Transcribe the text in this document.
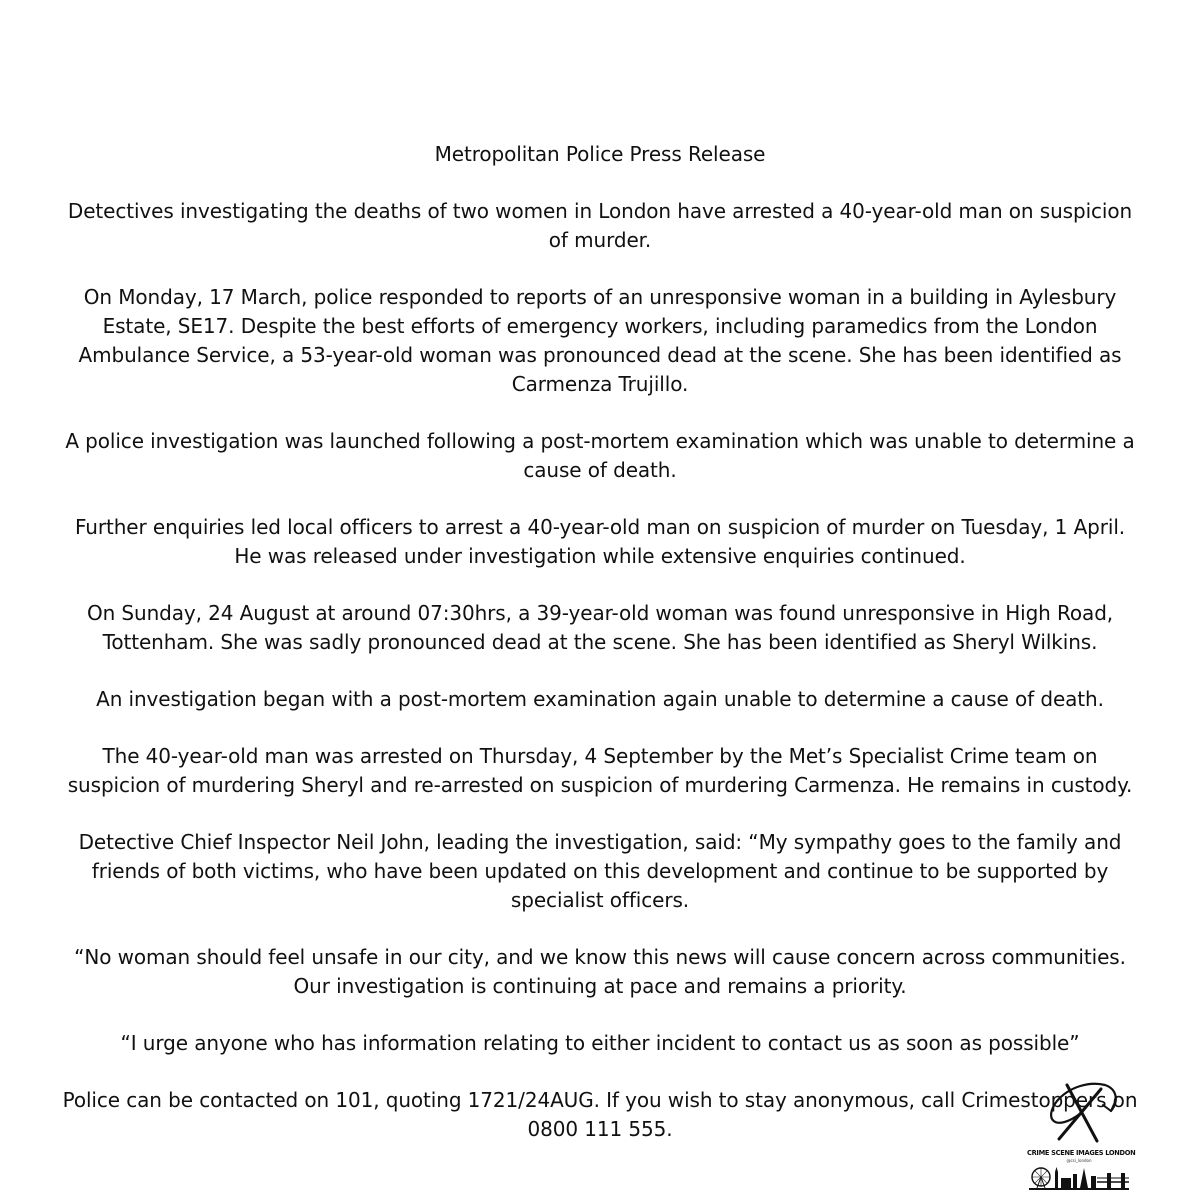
Metropolitan Police Press Release

Detectives investigating the deaths of two women in London have arrested a 40-year-old man on suspicion of murder.

On Monday, 17 March, police responded to reports of an unresponsive woman in a building in Aylesbury Estate, SE17. Despite the best efforts of emergency workers, including paramedics from the London Ambulance Service, a 53-year-old woman was pronounced dead at the scene. She has been identified as Carmenza Trujillo.

A police investigation was launched following a post-mortem examination which was unable to determine a cause of death.

Further enquiries led local officers to arrest a 40-year-old man on suspicion of murder on Tuesday, 1 April. He was released under investigation while extensive enquiries continued.

On Sunday, 24 August at around 07:30hrs, a 39-year-old woman was found unresponsive in High Road, Tottenham. She was sadly pronounced dead at the scene. She has been identified as Sheryl Wilkins.

An investigation began with a post-mortem examination again unable to determine a cause of death.

The 40-year-old man was arrested on Thursday, 4 September by the Met’s Specialist Crime team on suspicion of murdering Sheryl and re-arrested on suspicion of murdering Carmenza. He remains in custody.

Detective Chief Inspector Neil John, leading the investigation, said: “My sympathy goes to the family and friends of both victims, who have been updated on this development and continue to be supported by specialist officers.

“No woman should feel unsafe in our city, and we know this news will cause concern across communities. Our investigation is continuing at pace and remains a priority.

“I urge anyone who has information relating to either incident to contact us as soon as possible”

Police can be contacted on 101, quoting 1721/24AUG. If you wish to stay anonymous, call Crimestoppers on 0800 111 555.

CRIME SCENE IMAGES LONDON
@csi_london
